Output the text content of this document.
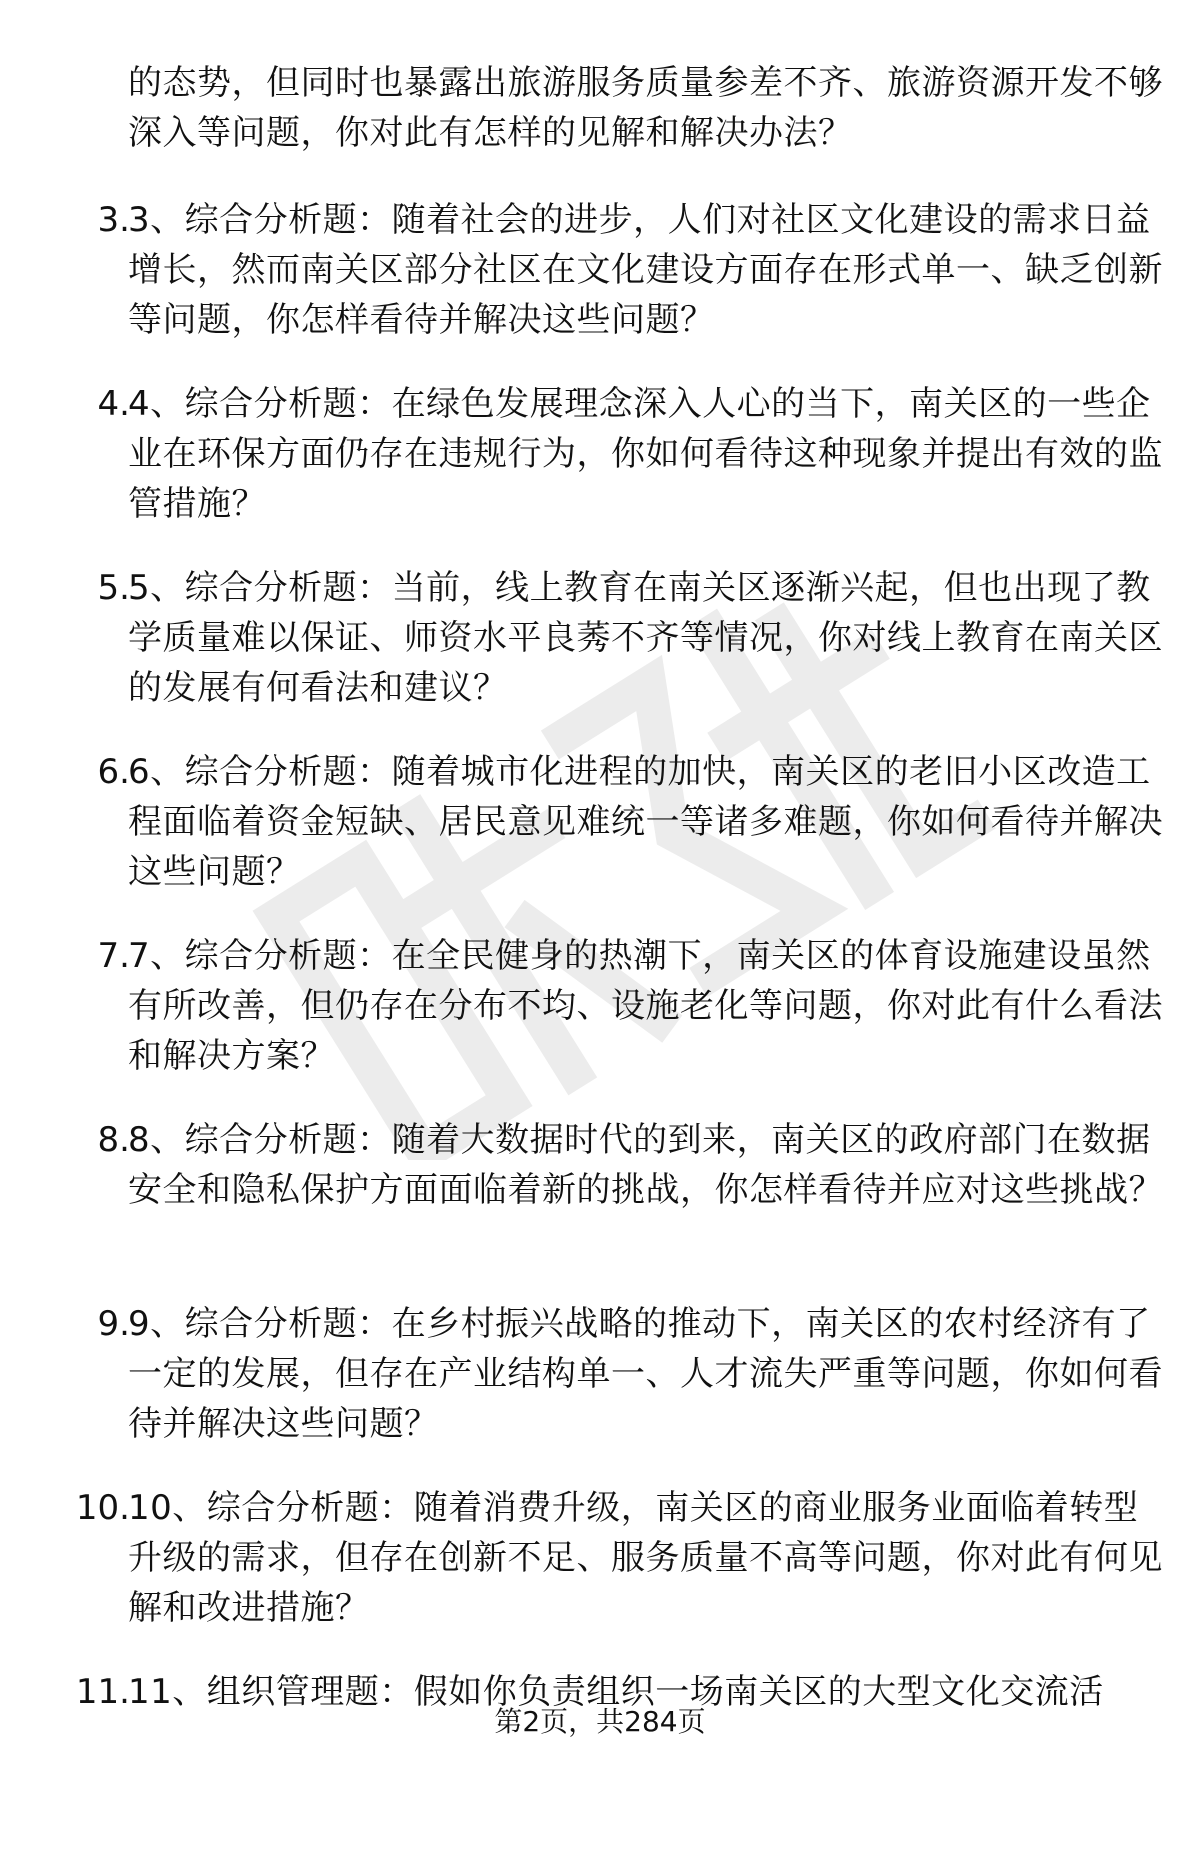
的态势，但同时也暴露出旅游服务质量参差不齐、旅游资源开发不够深入等问题，你对此有怎样的见解和解决办法？
3.
3、综合分析题：随着社会的进步，人们对社区文化建设的需求日益增长，然而南关区部分社区在文化建设方面存在形式单一、缺乏创新等问题，你怎样看待并解决这些问题？
4.
4、综合分析题：在绿色发展理念深入人心的当下，南关区的一些企业在环保方面仍存在违规行为，你如何看待这种现象并提出有效的监管措施？
5.
5、综合分析题：当前，线上教育在南关区逐渐兴起，但也出现了教学质量难以保证、师资水平良莠不齐等情况，你对线上教育在南关区的发展有何看法和建议？
6.
6、综合分析题：随着城市化进程的加快，南关区的老旧小区改造工程面临着资金短缺、居民意见难统一等诸多难题，你如何看待并解决这些问题？
7.
7、综合分析题：在全民健身的热潮下，南关区的体育设施建设虽然有所改善，但仍存在分布不均、设施老化等问题，你对此有什么看法和解决方案？
8.
8、综合分析题：随着大数据时代的到来，南关区的政府部门在数据安全和隐私保护方面面临着新的挑战，你怎样看待并应对这些挑战？
9.
9、综合分析题：在乡村振兴战略的推动下，南关区的农村经济有了一定的发展，但存在产业结构单一、人才流失严重等问题，你如何看待并解决这些问题？
10.
10、综合分析题：随着消费升级，南关区的商业服务业面临着转型升级的需求，但存在创新不足、服务质量不高等问题，你对此有何见解和改进措施？
11.
11、组织管理题：假如你负责组织一场南关区的大型文化交流活
第2页，共284页
